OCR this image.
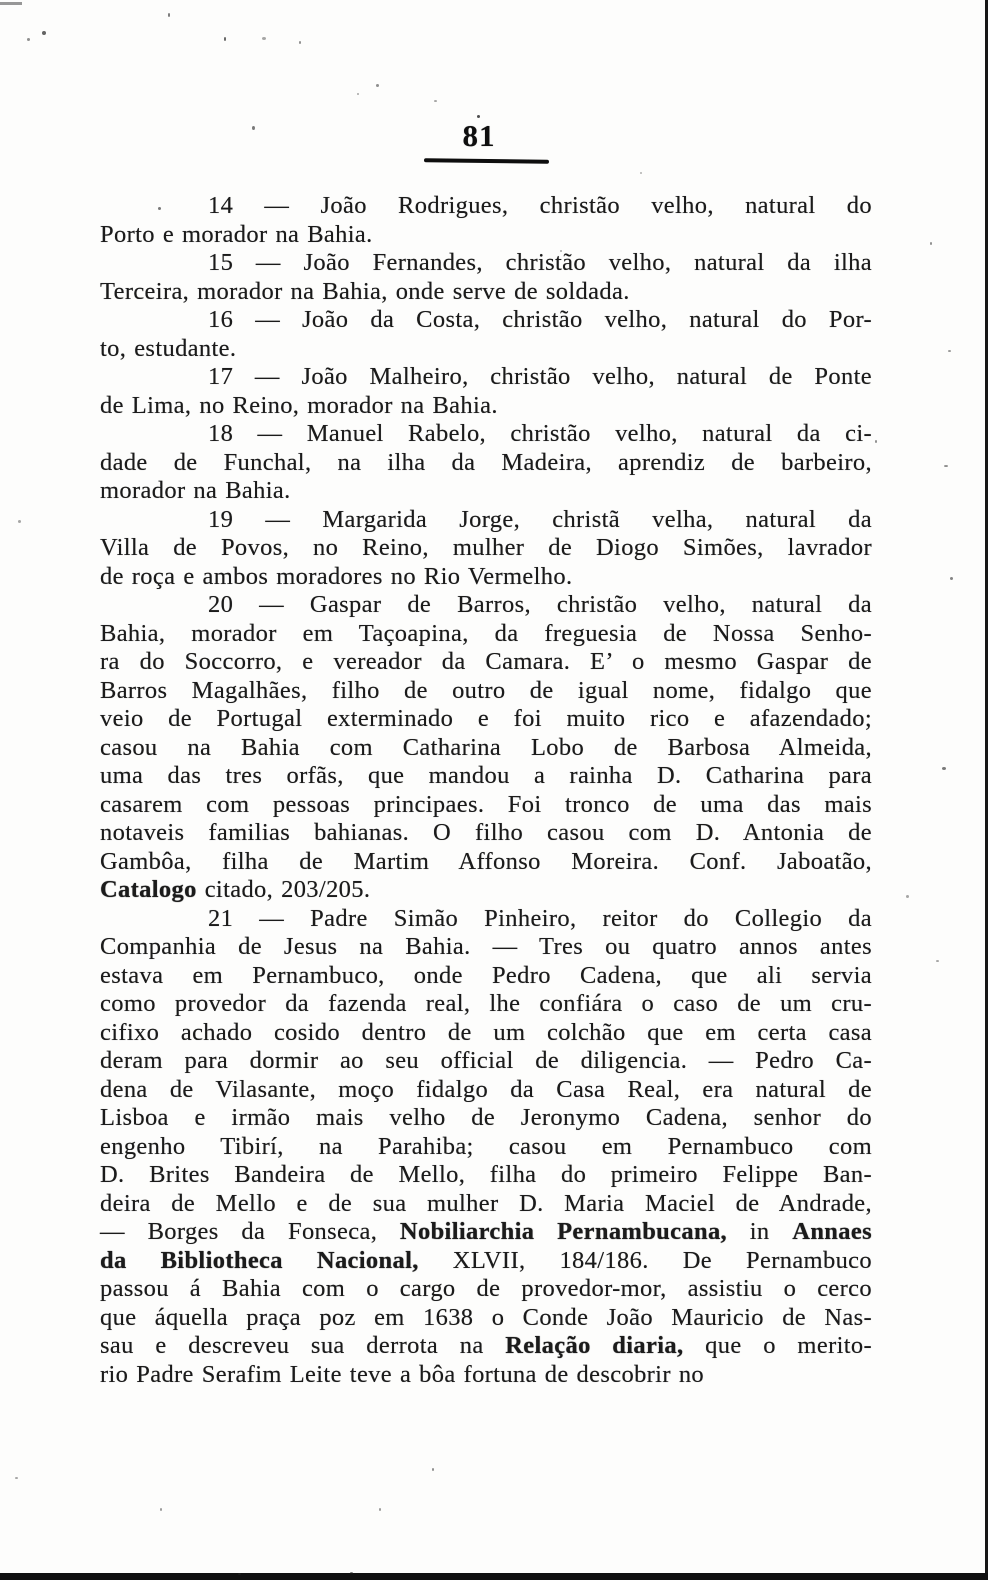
81
14 — João Rodrigues, christão velho, natural do
Porto e morador na Bahia.
15 — João Fernandes, christão velho, natural da ilha
Terceira, morador na Bahia, onde serve de soldada.
16 — João da Costa, christão velho, natural do Por-
to, estudante.
17 — João Malheiro, christão velho, natural de Ponte
de Lima, no Reino, morador na Bahia.
18 — Manuel Rabelo, christão velho, natural da ci-
dade de Funchal, na ilha da Madeira, aprendiz de barbeiro,
morador na Bahia.
19 — Margarida Jorge, christã velha, natural da
Villa de Povos, no Reino, mulher de Diogo Simões, lavrador
de roça e ambos moradores no Rio Vermelho.
20 — Gaspar de Barros, christão velho, natural da
Bahia, morador em Taçoapina, da freguesia de Nossa Senho-
ra do Soccorro, e vereador da Camara. E’ o mesmo Gaspar de
Barros Magalhães, filho de outro de igual nome, fidalgo que
veio de Portugal exterminado e foi muito rico e afazendado;
casou na Bahia com Catharina Lobo de Barbosa Almeida,
uma das tres orfãs, que mandou a rainha D. Catharina para
casarem com pessoas principaes. Foi tronco de uma das mais
notaveis familias bahianas. O filho casou com D. Antonia de
Gambôa, filha de Martim Affonso Moreira. Conf. Jaboatão,
Catalogo citado, 203/205.
21 — Padre Simão Pinheiro, reitor do Collegio da
Companhia de Jesus na Bahia. — Tres ou quatro annos antes
estava em Pernambuco, onde Pedro Cadena, que ali servia
como provedor da fazenda real, lhe confiára o caso de um cru-
cifixo achado cosido dentro de um colchão que em certa casa
deram para dormir ao seu official de diligencia. — Pedro Ca-
dena de Vilasante, moço fidalgo da Casa Real, era natural de
Lisboa e irmão mais velho de Jeronymo Cadena, senhor do
engenho Tibirí, na Parahiba; casou em Pernambuco com
D. Brites Bandeira de Mello, filha do primeiro Felippe Ban-
deira de Mello e de sua mulher D. Maria Maciel de Andrade,
— Borges da Fonseca, Nobiliarchia Pernambucana, in Annaes
da Bibliotheca Nacional, XLVII, 184/186. De Pernambuco
passou á Bahia com o cargo de provedor-mor, assistiu o cerco
que áquella praça poz em 1638 o Conde João Mauricio de Nas-
sau e descreveu sua derrota na Relação diaria, que o merito-
rio Padre Serafim Leite teve a bôa fortuna de descobrir no
